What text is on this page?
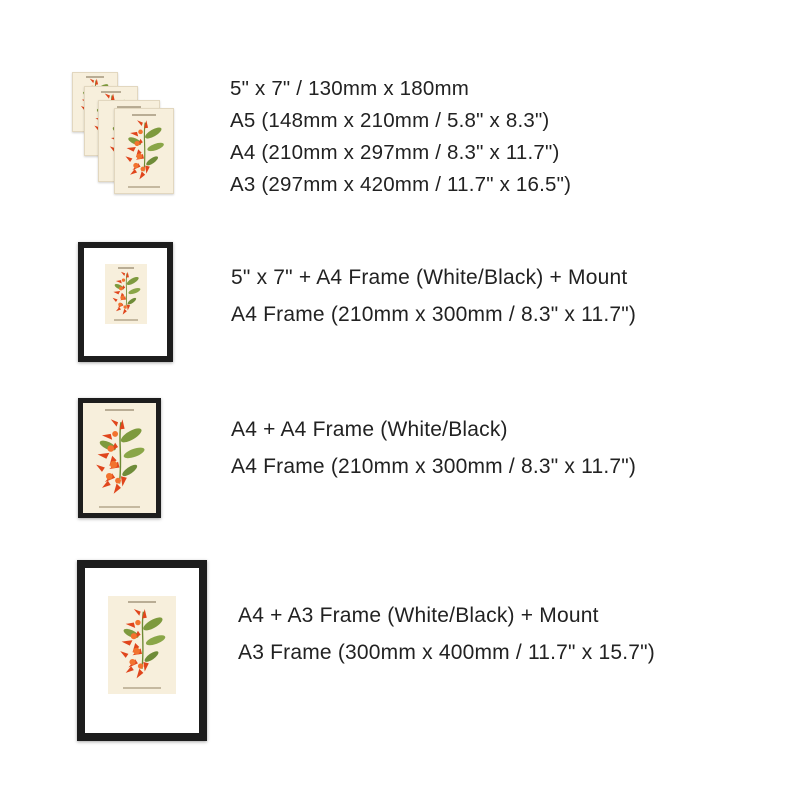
5" x 7" / 130mm x 180mm
A5 (148mm x 210mm / 5.8" x 8.3")
A4 (210mm x 297mm / 8.3" x 11.7")
A3 (297mm x 420mm / 11.7" x 16.5")
5" x 7" + A4 Frame (White/Black) + Mount
A4 Frame (210mm x 300mm / 8.3" x 11.7")
A4 + A4 Frame (White/Black)
A4 Frame (210mm x 300mm / 8.3" x 11.7")
A4 + A3 Frame (White/Black) + Mount
A3 Frame (300mm x 400mm / 11.7" x 15.7")
